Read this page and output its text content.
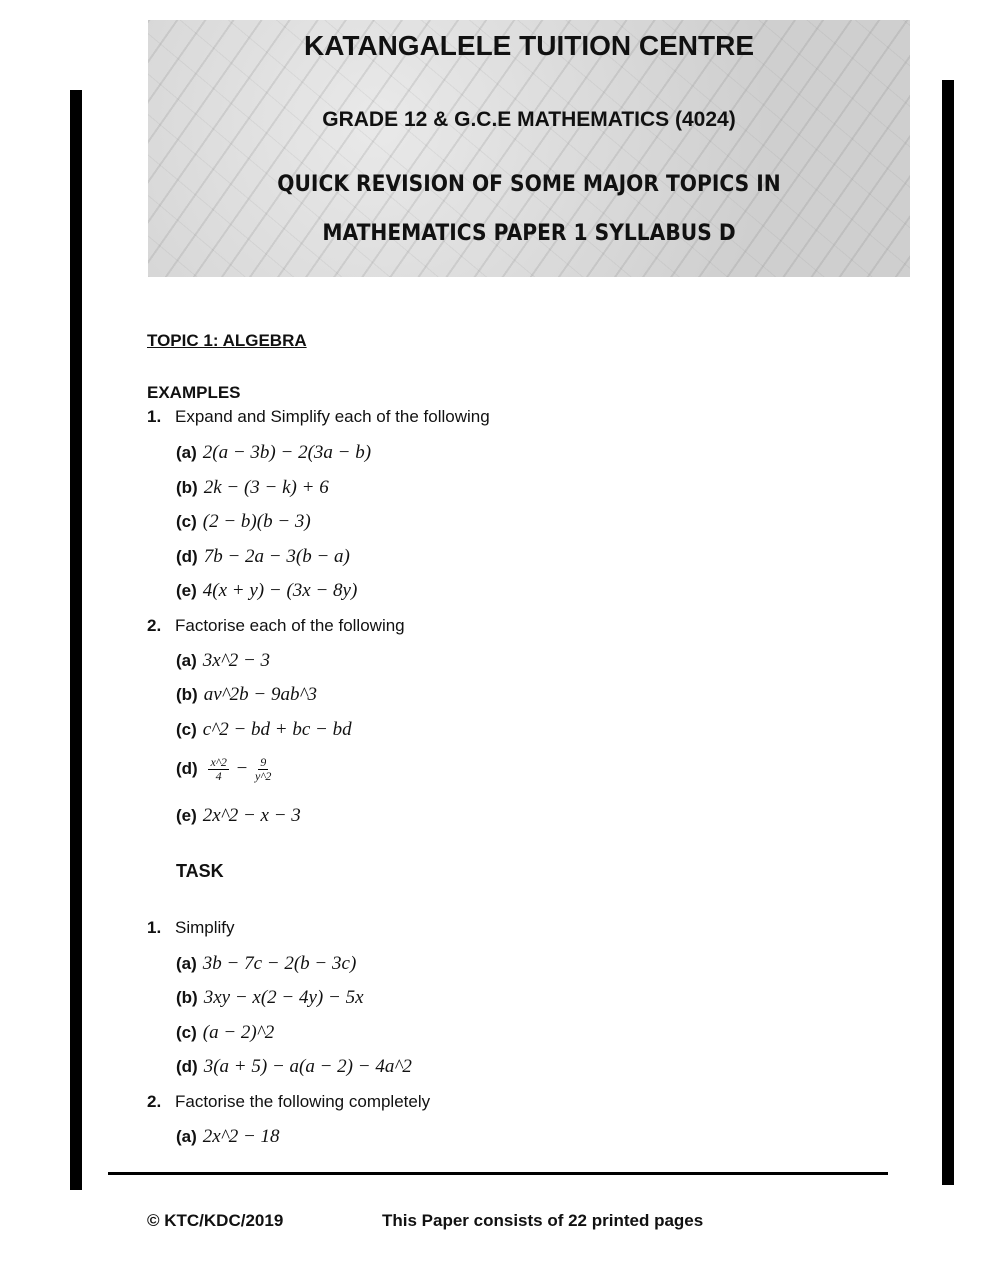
KATANGALELE TUITION CENTRE
GRADE 12 & G.C.E MATHEMATICS (4024)
QUICK REVISION OF SOME MAJOR TOPICS IN
MATHEMATICS PAPER 1 SYLLABUS D
TOPIC 1: ALGEBRA
EXAMPLES
1. Expand and Simplify each of the following
(a) 2(a − 3b) − 2(3a − b)
(b) 2k − (3 − k) + 6
(c) (2 − b)(b − 3)
(d) 7b − 2a − 3(b − a)
(e) 4(x + y) − (3x − 8y)
2. Factorise each of the following
(a) 3x^2 − 3
(b) av^2b − 9ab^3
(c) c^2 − bd + bc − bd
$(d) \frac{x\^{}2}{4} - \frac{9}{y\^{}2}$
(e) 2x^2 − x − 3
TASK
1. Simplify
(a) 3b − 7c − 2(b − 3c)
(b) 3xy − x(2 − 4y) − 5x
(c) (a − 2)^2
(d) 3(a + 5) − a(a − 2) − 4a^2
2. Factorise the following completely
(a) 2x^2 − 18
© KTC/KDC/2019	This Paper consists of 22 printed pages
